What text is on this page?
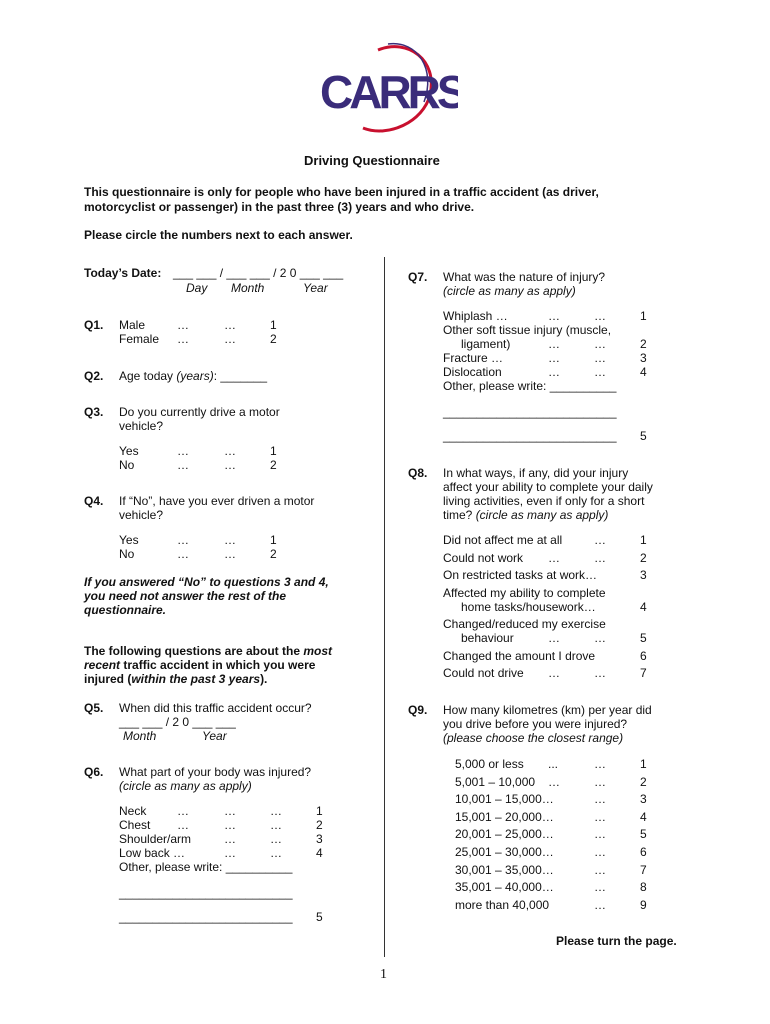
CARRS
Driving Questionnaire
This questionnaire is only for people who have been injured in a traffic accident (as driver,
motorcyclist or passenger) in the past three (3) years and who drive.
Please circle the numbers next to each answer.
Today’s Date: ___ ___ / ___ ___ / 2 0 ___ ___
Day Month	Year
Q1. Male	…	…	1
Female …	…	2
Q2. Age today (years): _______
Q3. Do you currently drive a motor
vehicle?
Yes	…	…	1
No	…	…	2
Q4. If “No”, have you ever driven a motor
vehicle?
Yes	…	…	1
No	…	…	2
If you answered “No” to questions 3 and 4,
you need not answer the rest of the
questionnaire.
The following questions are about the most
recent traffic accident in which you were
injured (within the past 3 years).
Q5. When did this traffic accident occur?
___ ___ / 2 0 ___ ___
Month	Year
Q6. What part of your body was injured?
(circle as many as apply)
Neck	…	…	…	1
Chest …	…	…	2
Shoulder/arm	…	…	3
Low back …	…	…	4
Other, please write: __________
__________________________
__________________________ 5
Q7. What was the nature of injury?
(circle as many as apply)
Whiplash …	…	…	1
Other soft tissue injury (muscle,
ligament)	…	…	2
Fracture …	…	…	3
Dislocation	…	…	4
Other, please write: __________
__________________________
__________________________ 5
Q8. In what ways, if any, did your injury
affect your ability to complete your daily
living activities, even if only for a short
time? (circle as many as apply)
Did not affect me at all	…	1
Could not work …	…	2
On restricted tasks at work…	3
Affected my ability to complete
home tasks/housework…	4
Changed/reduced my exercise
behaviour	…	…	5
Changed the amount I drove	6
Could not drive …	…	7
Q9. How many kilometres (km) per year did
you drive before you were injured?
(please choose the closest range)
5,000 or less ...	…	1
5,001 – 10,000 …	…	2
10,001 – 15,000…	…	3
15,001 – 20,000…	…	4
20,001 – 25,000…	…	5
25,001 – 30,000…	…	6
30,001 – 35,000…	…	7
35,001 – 40,000…	…	8
more than 40,000	…	9
Please turn the page.
1
